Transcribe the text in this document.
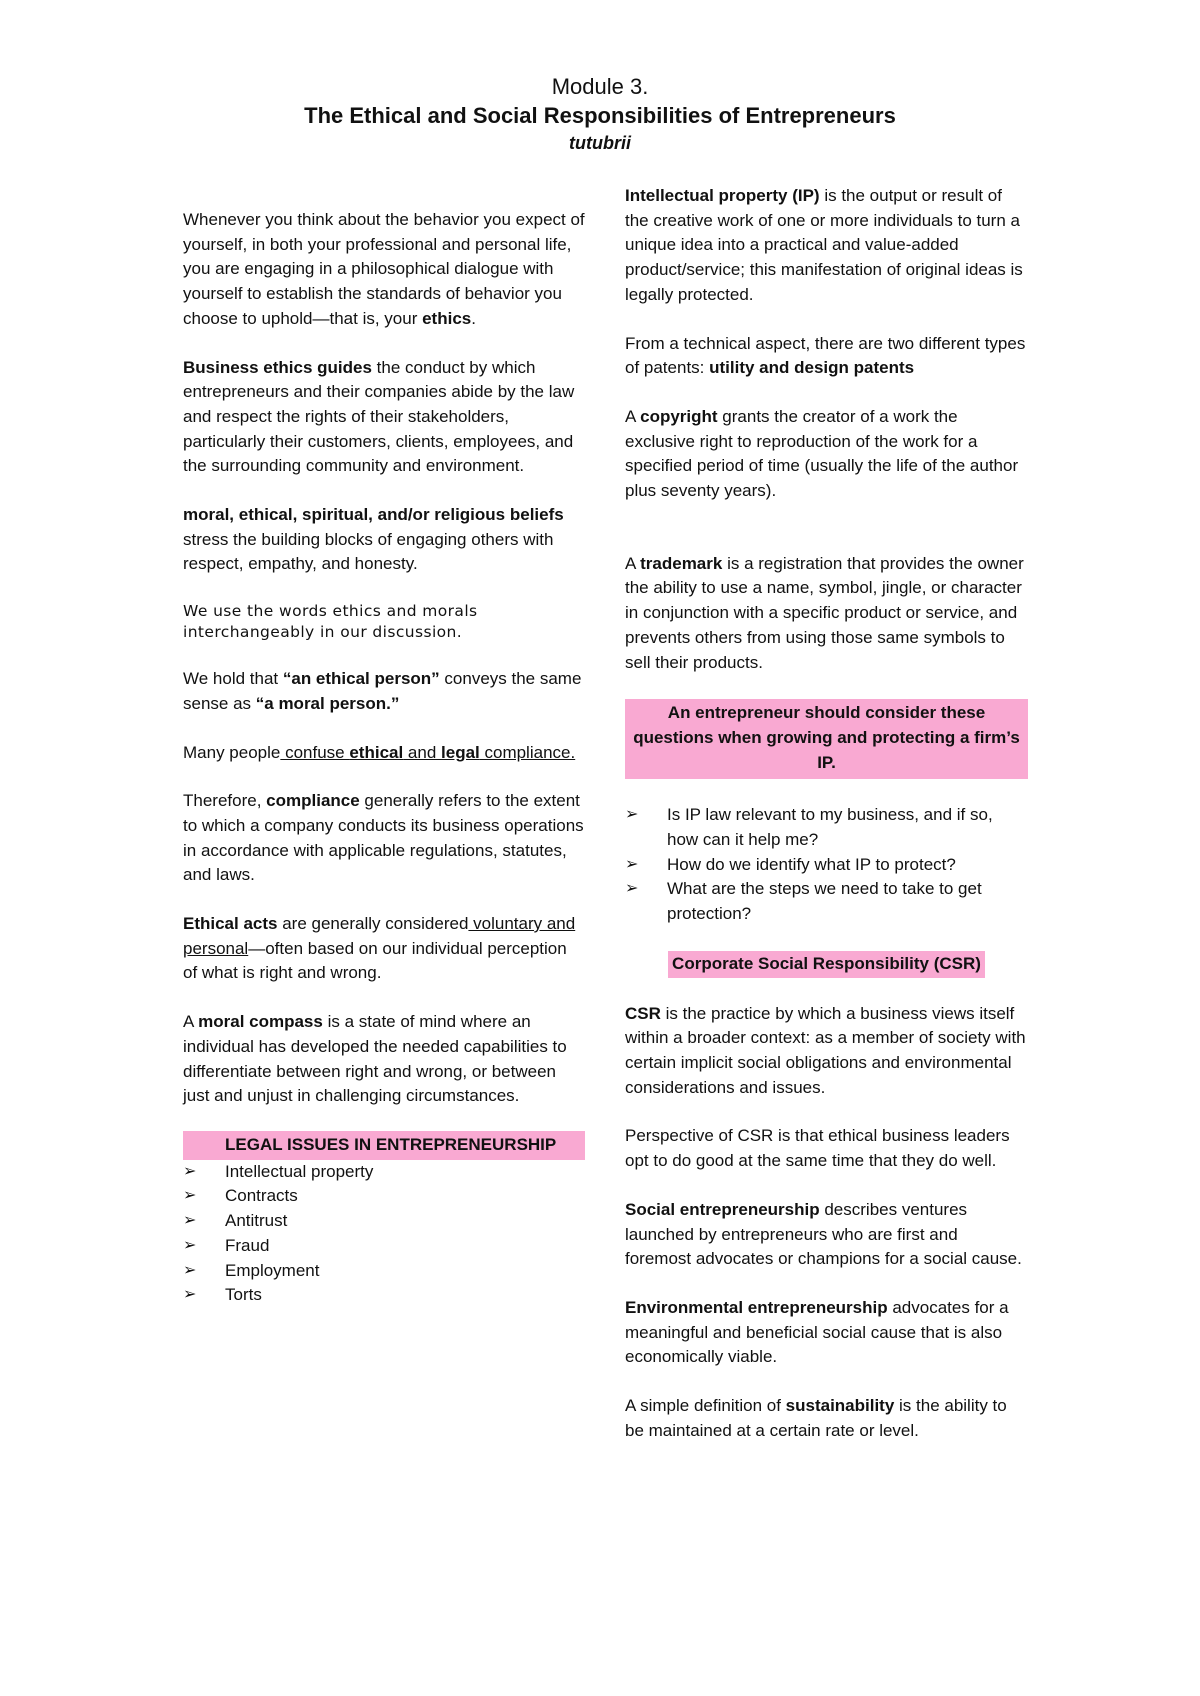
Module 3.
The Ethical and Social Responsibilities of Entrepreneurs
tutubrii

Whenever you think about the behavior you expect of yourself, in both your professional and personal life, you are engaging in a philosophical dialogue with yourself to establish the standards of behavior you choose to uphold—that is, your ethics.

Business ethics guides the conduct by which entrepreneurs and their companies abide by the law and respect the rights of their stakeholders, particularly their customers, clients, employees, and the surrounding community and environment.

moral, ethical, spiritual, and/or religious beliefs stress the building blocks of engaging others with respect, empathy, and honesty.

We use the words ethics and morals interchangeably in our discussion.

We hold that “an ethical person” conveys the same sense as “a moral person.”

Many people confuse ethical and legal compliance.

Therefore, compliance generally refers to the extent to which a company conducts its business operations in accordance with applicable regulations, statutes, and laws.

Ethical acts are generally considered voluntary and personal—often based on our individual perception of what is right and wrong.

A moral compass is a state of mind where an individual has developed the needed capabilities to differentiate between right and wrong, or between just and unjust in challenging circumstances.

LEGAL ISSUES IN ENTREPRENEURSHIP
➢	Intellectual property
➢	Contracts
➢	Antitrust
➢	Fraud
➢	Employment
➢	Torts

Intellectual property (IP) is the output or result of the creative work of one or more individuals to turn a unique idea into a practical and value-added product/service; this manifestation of original ideas is legally protected.

From a technical aspect, there are two different types of patents: utility and design patents

A copyright grants the creator of a work the exclusive right to reproduction of the work for a specified period of time (usually the life of the author plus seventy years).

A trademark is a registration that provides the owner the ability to use a name, symbol, jingle, or character in conjunction with a specific product or service, and prevents others from using those same symbols to sell their products.

An entrepreneur should consider these questions when growing and protecting a firm’s IP.
➢	Is IP law relevant to my business, and if so, how can it help me?
➢	How do we identify what IP to protect?
➢	What are the steps we need to take to get protection?
Corporate Social Responsibility (CSR)

CSR is the practice by which a business views itself within a broader context: as a member of society with certain implicit social obligations and environmental considerations and issues.

Perspective of CSR is that ethical business leaders opt to do good at the same time that they do well.

Social entrepreneurship describes ventures launched by entrepreneurs who are first and foremost advocates or champions for a social cause.

Environmental entrepreneurship advocates for a meaningful and beneficial social cause that is also economically viable.

A simple definition of sustainability is the ability to be maintained at a certain rate or level.
